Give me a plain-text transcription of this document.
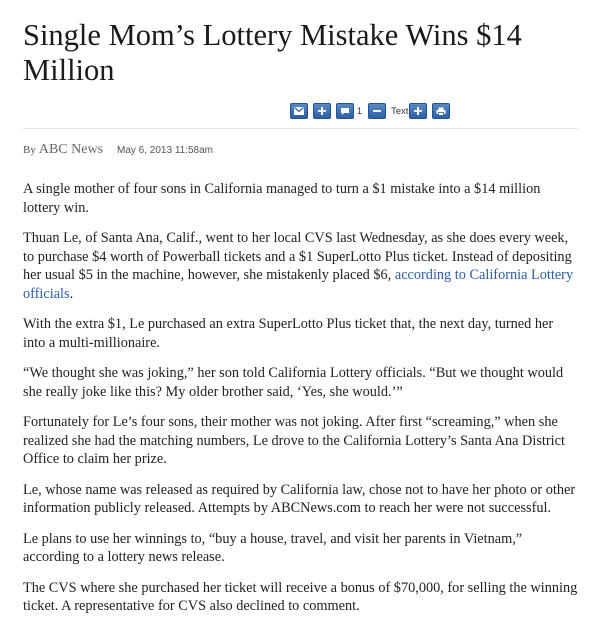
Single Mom’s Lottery Mistake Wins $14 Million
1	Text
By ABC News May 6, 2013 11:58am

A single mother of four sons in California managed to turn a $1 mistake into a $14 million lottery win.

Thuan Le, of Santa Ana, Calif., went to her local CVS last Wednesday, as she does every week, to purchase $4 worth of Powerball tickets and a $1 SuperLotto Plus ticket. Instead of depositing her usual $5 in the machine, however, she mistakenly placed $6, according to California Lottery officials.

With the extra $1, Le purchased an extra SuperLotto Plus ticket that, the next day, turned her into a multi-millionaire.

“We thought she was joking,” her son told California Lottery officials. “But we thought would she really joke like this? My older brother said, ‘Yes, she would.’”

Fortunately for Le’s four sons, their mother was not joking. After first “screaming,” when she realized she had the matching numbers, Le drove to the California Lottery’s Santa Ana District Office to claim her prize.

Le, whose name was released as required by California law, chose not to have her photo or other information publicly released. Attempts by ABCNews.com to reach her were not successful.

Le plans to use her winnings to, “buy a house, travel, and visit her parents in Vietnam,” according to a lottery news release.

The CVS where she purchased her ticket will receive a bonus of $70,000, for selling the winning ticket. A representative for CVS also declined to comment.
